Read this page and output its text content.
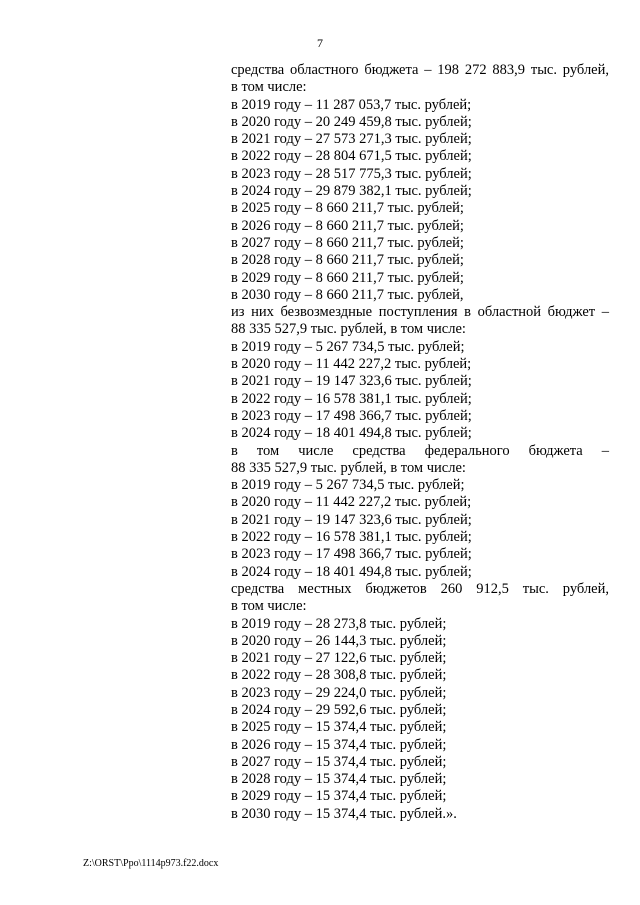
7
средства областного бюджета – 198 272 883,9 тыс. рублей,
в том числе:
в 2019 году – 11 287 053,7 тыс. рублей;
в 2020 году – 20 249 459,8 тыс. рублей;
в 2021 году – 27 573 271,3 тыс. рублей;
в 2022 году – 28 804 671,5 тыс. рублей;
в 2023 году – 28 517 775,3 тыс. рублей;
в 2024 году – 29 879 382,1 тыс. рублей;
в 2025 году – 8 660 211,7 тыс. рублей;
в 2026 году – 8 660 211,7 тыс. рублей;
в 2027 году – 8 660 211,7 тыс. рублей;
в 2028 году – 8 660 211,7 тыс. рублей;
в 2029 году – 8 660 211,7 тыс. рублей;
в 2030 году – 8 660 211,7 тыс. рублей,
из них безвозмездные поступления в областной бюджет –
88 335 527,9 тыс. рублей, в том числе:
в 2019 году – 5 267 734,5 тыс. рублей;
в 2020 году – 11 442 227,2 тыс. рублей;
в 2021 году – 19 147 323,6 тыс. рублей;
в 2022 году – 16 578 381,1 тыс. рублей;
в 2023 году – 17 498 366,7 тыс. рублей;
в 2024 году – 18 401 494,8 тыс. рублей;
в том числе средства федерального бюджета –
88 335 527,9 тыс. рублей, в том числе:
в 2019 году – 5 267 734,5 тыс. рублей;
в 2020 году – 11 442 227,2 тыс. рублей;
в 2021 году – 19 147 323,6 тыс. рублей;
в 2022 году – 16 578 381,1 тыс. рублей;
в 2023 году – 17 498 366,7 тыс. рублей;
в 2024 году – 18 401 494,8 тыс. рублей;
средства местных бюджетов 260 912,5 тыс. рублей,
в том числе:
в 2019 году – 28 273,8 тыс. рублей;
в 2020 году – 26 144,3 тыс. рублей;
в 2021 году – 27 122,6 тыс. рублей;
в 2022 году – 28 308,8 тыс. рублей;
в 2023 году – 29 224,0 тыс. рублей;
в 2024 году – 29 592,6 тыс. рублей;
в 2025 году – 15 374,4 тыс. рублей;
в 2026 году – 15 374,4 тыс. рублей;
в 2027 году – 15 374,4 тыс. рублей;
в 2028 году – 15 374,4 тыс. рублей;
в 2029 году – 15 374,4 тыс. рублей;
в 2030 году – 15 374,4 тыс. рублей.».
Z:\ORST\Ppo\1114p973.f22.docx
